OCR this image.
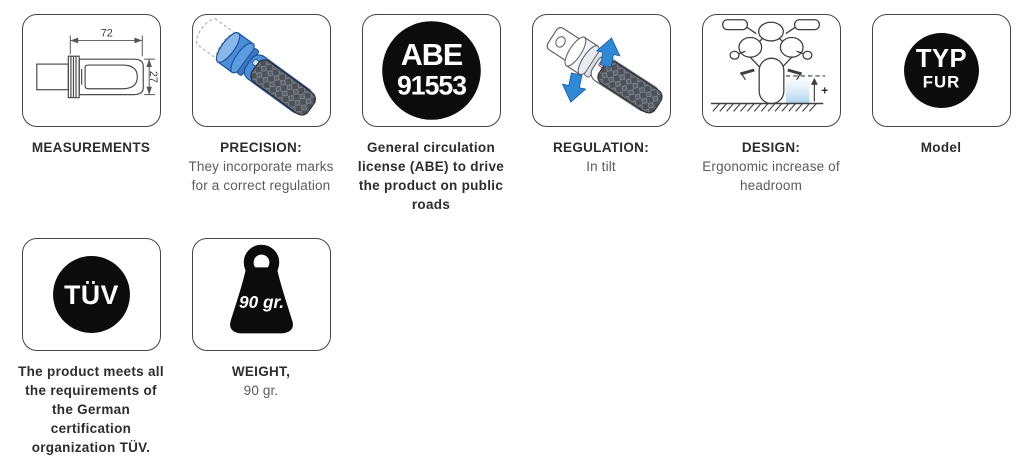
72
27
MEASUREMENTS	PRECISION:
They incorporate marks
for a correct regulation
ABE
91553
General circulation
license (ABE) to drive
the product on public
roads
REGULATION:
In tilt
+
DESIGN:
Ergonomic increase of
headroom
TYP
FUR
Model
TÜV
The product meets all
the requirements of
the German
certification
organization TÜV.
90 gr.
WEIGHT,
90 gr.
